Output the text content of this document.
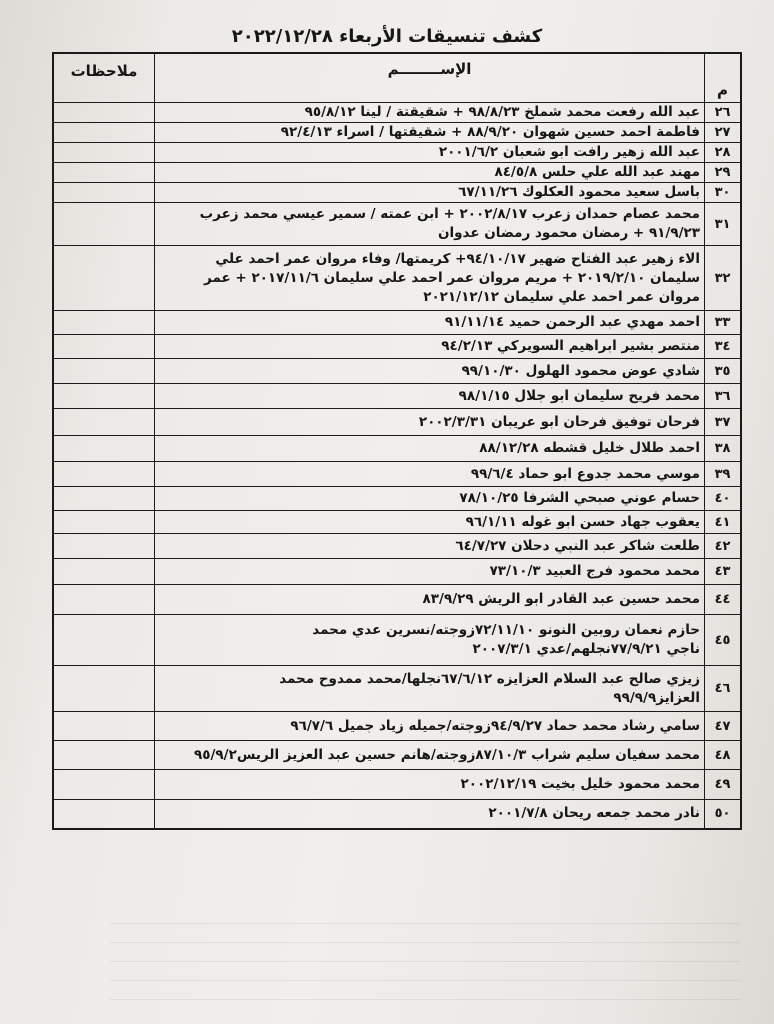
كشف تنسيقات الأربعاء ٢٠٢٢/١٢/٢٨
م	الإســــــــم	ملاحظات
٢٦	عبد الله رفعت محمد شملخ ٩٨/٨/٢٣ + شقيقتة / لينا ٩٥/٨/١٢	
٢٧	فاطمة احمد حسين شهوان ٨٨/٩/٢٠ + شقيقتها / اسراء ٩٢/٤/١٣	
٢٨	عبد الله زهير رافت ابو شعبان ٢٠٠١/٦/٢	
٢٩	مهند عبد الله علي حلس ٨٤/٥/٨	
٣٠	باسل سعيد محمود العكلوك ٦٧/١١/٢٦	
٣١	محمد عصام حمدان زعرب ٢٠٠٢/٨/١٧ + ابن عمته / سمير عيسي محمد زعرب
٩١/٩/٢٣ + رمضان محمود رمضان عدوان	
٣٢	الاء زهير عبد الفتاح ضهير ٩٤/١٠/١٧+ كريمتها/ وفاء مروان عمر احمد علي
سليمان ٢٠١٩/٢/١٠ + مريم مروان عمر احمد علي سليمان ٢٠١٧/١١/٦ + عمر
مروان عمر احمد علي سليمان ٢٠٢١/١٢/١٢	
٣٣	احمد مهدي عبد الرحمن حميد ٩١/١١/١٤	
٣٤	منتصر بشير ابراهيم السويركي ٩٤/٢/١٣	
٣٥	شادي عوض محمود الهلول ٩٩/١٠/٣٠	
٣٦	محمد فريح سليمان ابو جلال ٩٨/١/١٥	
٣٧	فرحان توفيق فرحان ابو عريبان ٢٠٠٢/٣/٣١	
٣٨	احمد طلال خليل قشطه ٨٨/١٢/٢٨	
٣٩	موسي محمد جدوع ابو حماد ٩٩/٦/٤	
٤٠	حسام عوني صبحي الشرفا ٧٨/١٠/٢٥	
٤١	يعقوب جهاد حسن ابو غوله ٩٦/١/١١	
٤٢	طلعت شاكر عبد النبي دحلان ٦٤/٧/٢٧	
٤٣	محمد محمود فرج العبيد ٧٣/١٠/٣	
٤٤	محمد حسين عبد القادر ابو الريش ٨٣/٩/٢٩	
٤٥	حازم نعمان روبين النونو ٧٢/١١/١٠زوجته/نسرين عدي محمد
ناجي ٧٧/٩/٢١نجلهم/عدي ٢٠٠٧/٣/١	
٤٦	زيزي صالح عبد السلام العزايزه ٦٧/٦/١٢نجلها/محمد ممدوح محمد
العزايز٩٩/٩/٩	
٤٧	سامي رشاد محمد حماد ٩٤/٩/٢٧زوجته/جميله زياد جميل ٩٦/٧/٦	
٤٨	محمد سفيان سليم شراب ٨٧/١٠/٣زوجته/هانم حسين عبد العزيز الريس٩٥/٩/٢	
٤٩	محمد محمود خليل بخيت ٢٠٠٢/١٢/١٩	
٥٠	نادر محمد جمعه ريحان ٢٠٠١/٧/٨	
